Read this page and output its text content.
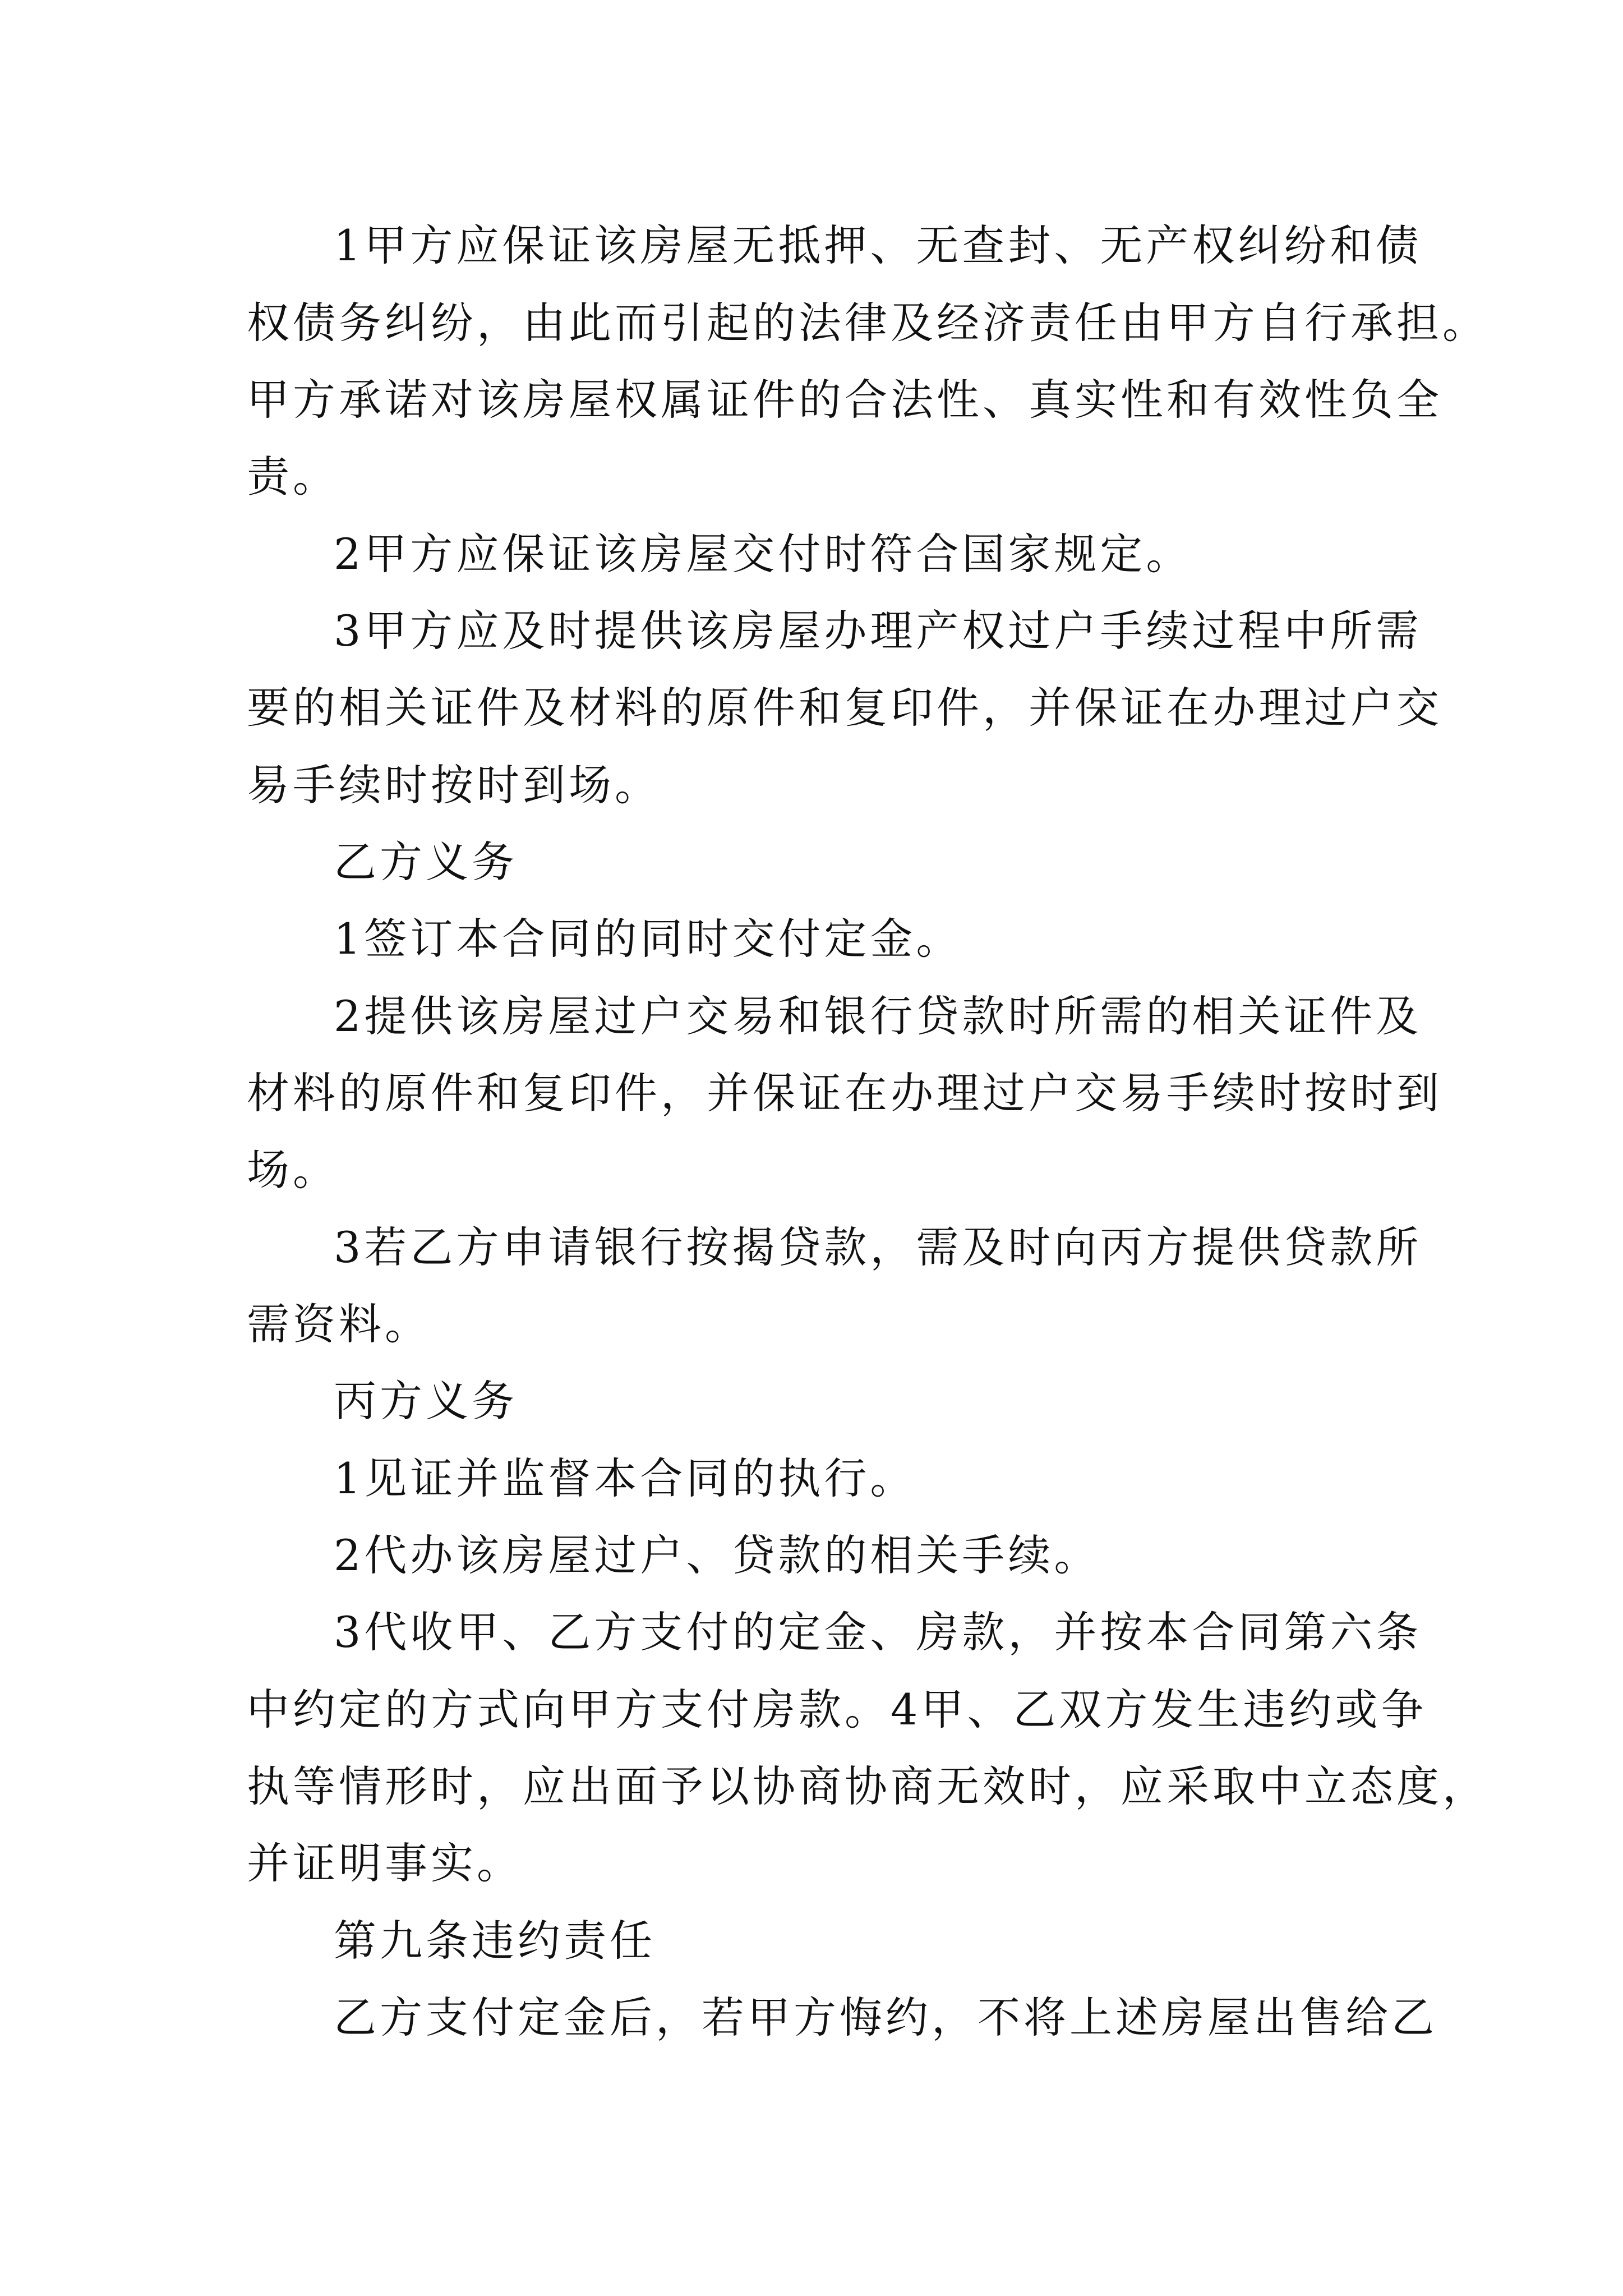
1甲方应保证该房屋无抵押、无查封、无产权纠纷和债
权债务纠纷，由此而引起的法律及经济责任由甲方自行承担。
甲方承诺对该房屋权属证件的合法性、真实性和有效性负全
责。
2甲方应保证该房屋交付时符合国家规定。
3甲方应及时提供该房屋办理产权过户手续过程中所需
要的相关证件及材料的原件和复印件，并保证在办理过户交
易手续时按时到场。
乙方义务
1签订本合同的同时交付定金。
2提供该房屋过户交易和银行贷款时所需的相关证件及
材料的原件和复印件，并保证在办理过户交易手续时按时到
场。
3若乙方申请银行按揭贷款，需及时向丙方提供贷款所
需资料。
丙方义务
1见证并监督本合同的执行。
2代办该房屋过户、贷款的相关手续。
3代收甲、乙方支付的定金、房款，并按本合同第六条
中约定的方式向甲方支付房款。4甲、乙双方发生违约或争
执等情形时，应出面予以协商协商无效时，应采取中立态度，
并证明事实。
第九条违约责任
乙方支付定金后，若甲方悔约，不将上述房屋出售给乙
